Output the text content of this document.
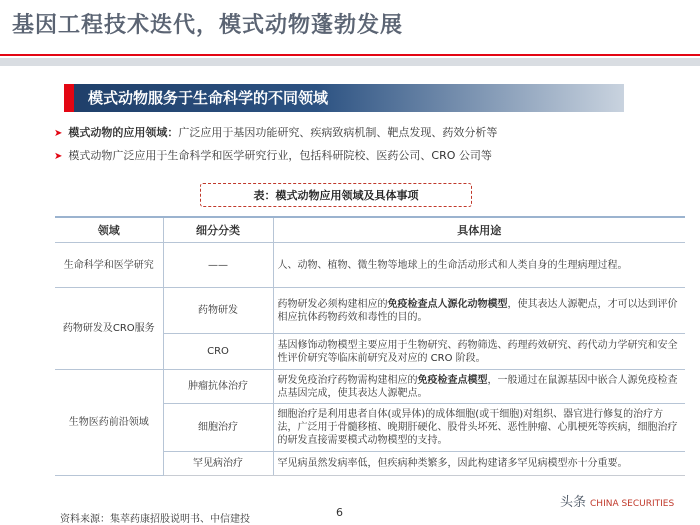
基因工程技术迭代，模式动物蓬勃发展
模式动物服务于生命科学的不同领域
➤ 模式动物的应用领域：广泛应用于基因功能研究、疾病致病机制、靶点发现、药效分析等
➤ 模式动物广泛应用于生命科学和医学研究行业，包括科研院校、医药公司、CRO 公司等
表：模式动物应用领域及具体事项
领域	细分分类	具体用途
生命科学和医学研究	——	人、动物、植物、微生物等地球上的生命活动形式和人类自身的生理病理过程。
药物研发及CRO服务	药物研发	药物研发必须构建相应的免疫检查点人源化动物模型，使其表达人源靶点，才可以达到评价相应抗体药物药效和毒性的目的。
	CRO	基因修饰动物模型主要应用于生物研究、药物筛选、药理药效研究、药代动力学研究和安全性评价研究等临床前研究及对应的 CRO 阶段。
生物医药前沿领域	肿瘤抗体治疗	研发免疫治疗药物需构建相应的免疫检查点模型，一般通过在鼠源基因中嵌合人源免疫检查点基因完成，使其表达人源靶点。
	细胞治疗	细胞治疗是利用患者自体(或异体)的成体细胞(或干细胞)对组织、器官进行修复的治疗方法，广泛用于骨髓移植、晚期肝硬化、股骨头坏死、恶性肿瘤、心肌梗死等疾病，细胞治疗的研发直接需要模式动物模型的支持。
	罕见病治疗	罕见病虽然发病率低，但疾病种类繁多，因此构建诸多罕见病模型亦十分重要。
6
资料来源：集萃药康招股说明书、中信建投
头条 CHINA SECURITIES
